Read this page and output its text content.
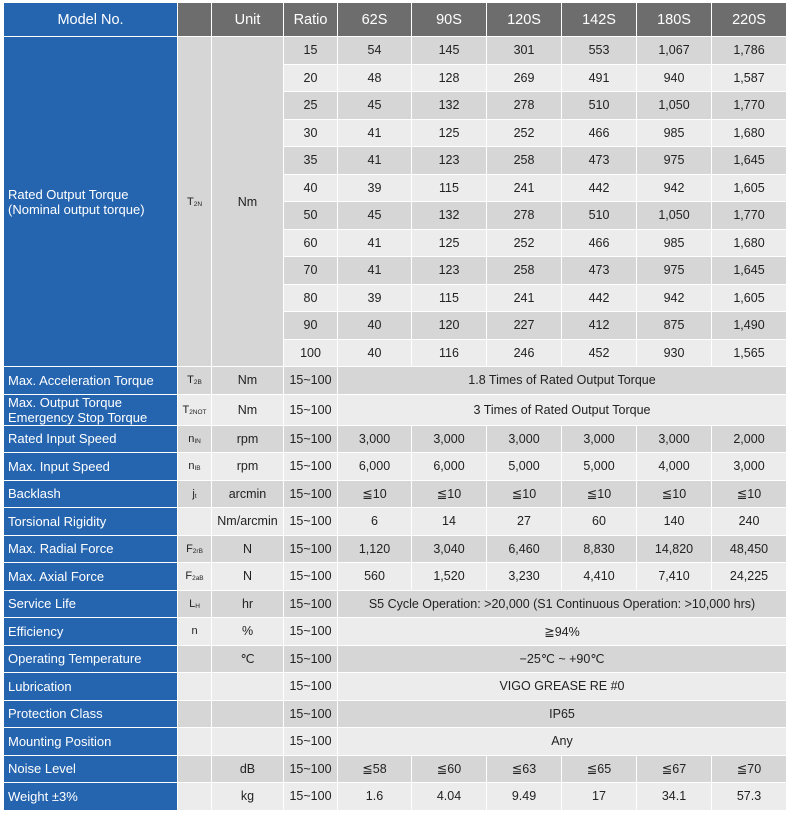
Model No.		Unit	Ratio	62S	90S	120S	142S	180S	220S

Rated Output Torque
(Nominal output torque)	$T_{2N}$	Nm	15	54	145	301	553	1,067	1,786
			20	48	128	269	491	940	1,587
			25	45	132	278	510	1,050	1,770
			30	41	125	252	466	985	1,680
			35	41	123	258	473	975	1,645
			40	39	115	241	442	942	1,605
			50	45	132	278	510	1,050	1,770
			60	41	125	252	466	985	1,680
			70	41	123	258	473	975	1,645
			80	39	115	241	442	942	1,605
			90	40	120	227	412	875	1,490
			100	40	116	246	452	930	1,565
Max. Acceleration Torque	$T_{2B}$	Nm	15~100	1.8 Times of Rated Output Torque					
Max. Output Torque Emergency Stop Torque	$T_{2NOT}$	Nm	15~100	3 Times of Rated Output Torque					
Rated Input Speed	$n_{IN}$	rpm	15~100	3,000	3,000	3,000	3,000	3,000	2,000
Max. Input Speed	$n_{IB}$	rpm	15~100	6,000	6,000	5,000	5,000	4,000	3,000
Backlash	$j_t$	arcmin	15~100	≦10	≦10	≦10	≦10	≦10	≦10
Torsional Rigidity		Nm/arcmin	15~100	6	14	27	60	140	240
Max. Radial Force	$F_{2rB}$	N	15~100	1,120	3,040	6,460	8,830	14,820	48,450
Max. Axial Force	$F_{2aB}$	N	15~100	560	1,520	3,230	4,410	7,410	24,225
Service Life	$L_H$	hr	15~100	S5 Cycle Operation: >20,000 (S1 Continuous Operation: >10,000 hrs)					
Efficiency	n	%	15~100	≧94%					
Operating Temperature		℃	15~100	−25℃ ~ +90℃					
Lubrication			15~100	VIGO GREASE RE #0					
Protection Class			15~100	IP65					
Mounting Position			15~100	Any					
Noise Level		dB	15~100	≦58	≦60	≦63	≦65	≦67	≦70
Weight ±3%		kg	15~100	1.6	4.04	9.49	17	34.1	57.3
